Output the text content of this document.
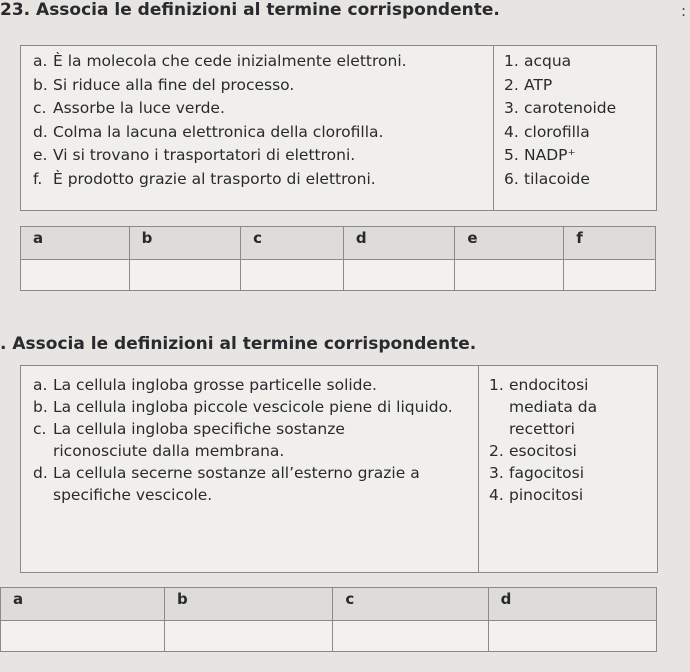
:
23. Associa le definizioni al termine corrispondente.
a. È la molecola che cede inizialmente elettroni.
b. Si riduce alla fine del processo.
c. Assorbe la luce verde.
d. Colma la lacuna elettronica della clorofilla.
e. Vi si trovano i trasportatori di elettroni.
f. È prodotto grazie al trasporto di elettroni.
1. acqua
2. ATP
3. carotenoide
4. clorofilla
5. NADP⁺
6. tilacoide
a	b	c	d	e	f

. Associa le definizioni al termine corrispondente.
a. La cellula ingloba grosse particelle solide.
b. La cellula ingloba piccole vescicole piene di liquido.
c. La cellula ingloba specifiche sostanze riconosciute dalla membrana.
d. La cellula secerne sostanze all’esterno grazie a specifiche vescicole.
1. endocitosi mediata da recettori
2. esocitosi
3. fagocitosi
4. pinocitosi
a	b	c	d
